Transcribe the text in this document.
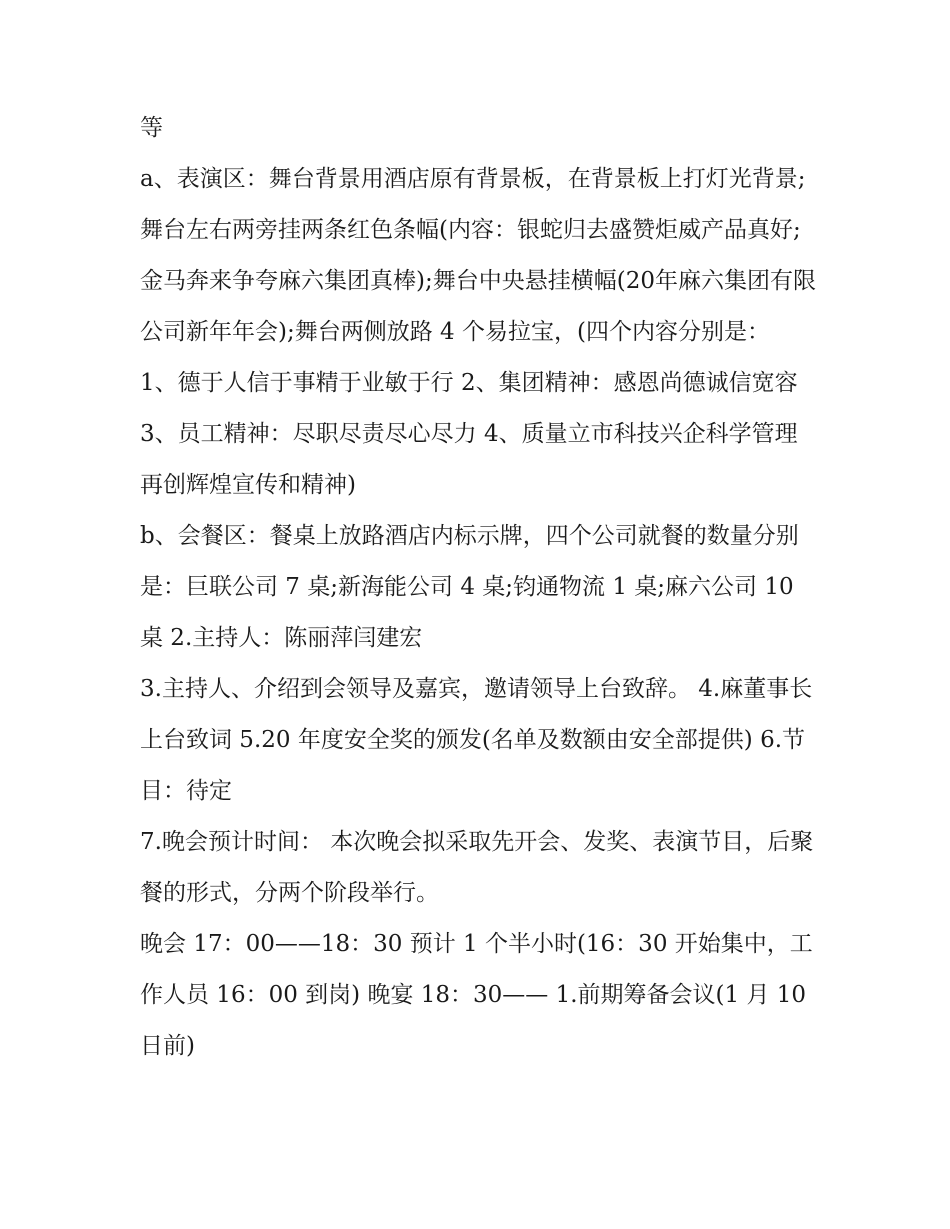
等

a、表演区：舞台背景用酒店原有背景板，在背景板上打灯光背景;舞台左右两旁挂两条红色条幅(内容：银蛇归去盛赞炬威产品真好;金马奔来争夸麻六集团真棒);舞台中央悬挂横幅(20年麻六集团有限公司新年年会);舞台两侧放路 4 个易拉宝，(四个内容分别是：

1、德于人信于事精于业敏于行 2、集团精神：感恩尚德诚信宽容 3、员工精神：尽职尽责尽心尽力 4、质量立市科技兴企科学管理再创辉煌宣传和精神)

b、会餐区：餐桌上放路酒店内标示牌，四个公司就餐的数量分别是：巨联公司 7 桌;新海能公司 4 桌;钧通物流 1 桌;麻六公司 10 桌 2.主持人：陈丽萍闫建宏

3.主持人、介绍到会领导及嘉宾，邀请领导上台致辞。 4.麻董事长上台致词 5.20 年度安全奖的颁发(名单及数额由安全部提供) 6.节目：待定

7.晚会预计时间： 本次晚会拟采取先开会、发奖、表演节目，后聚餐的形式，分两个阶段举行。

晚会 17：00——18：30 预计 1 个半小时(16：30 开始集中，工作人员 16：00 到岗) 晚宴 18：30—— 1.前期筹备会议(1 月 10 日前)
